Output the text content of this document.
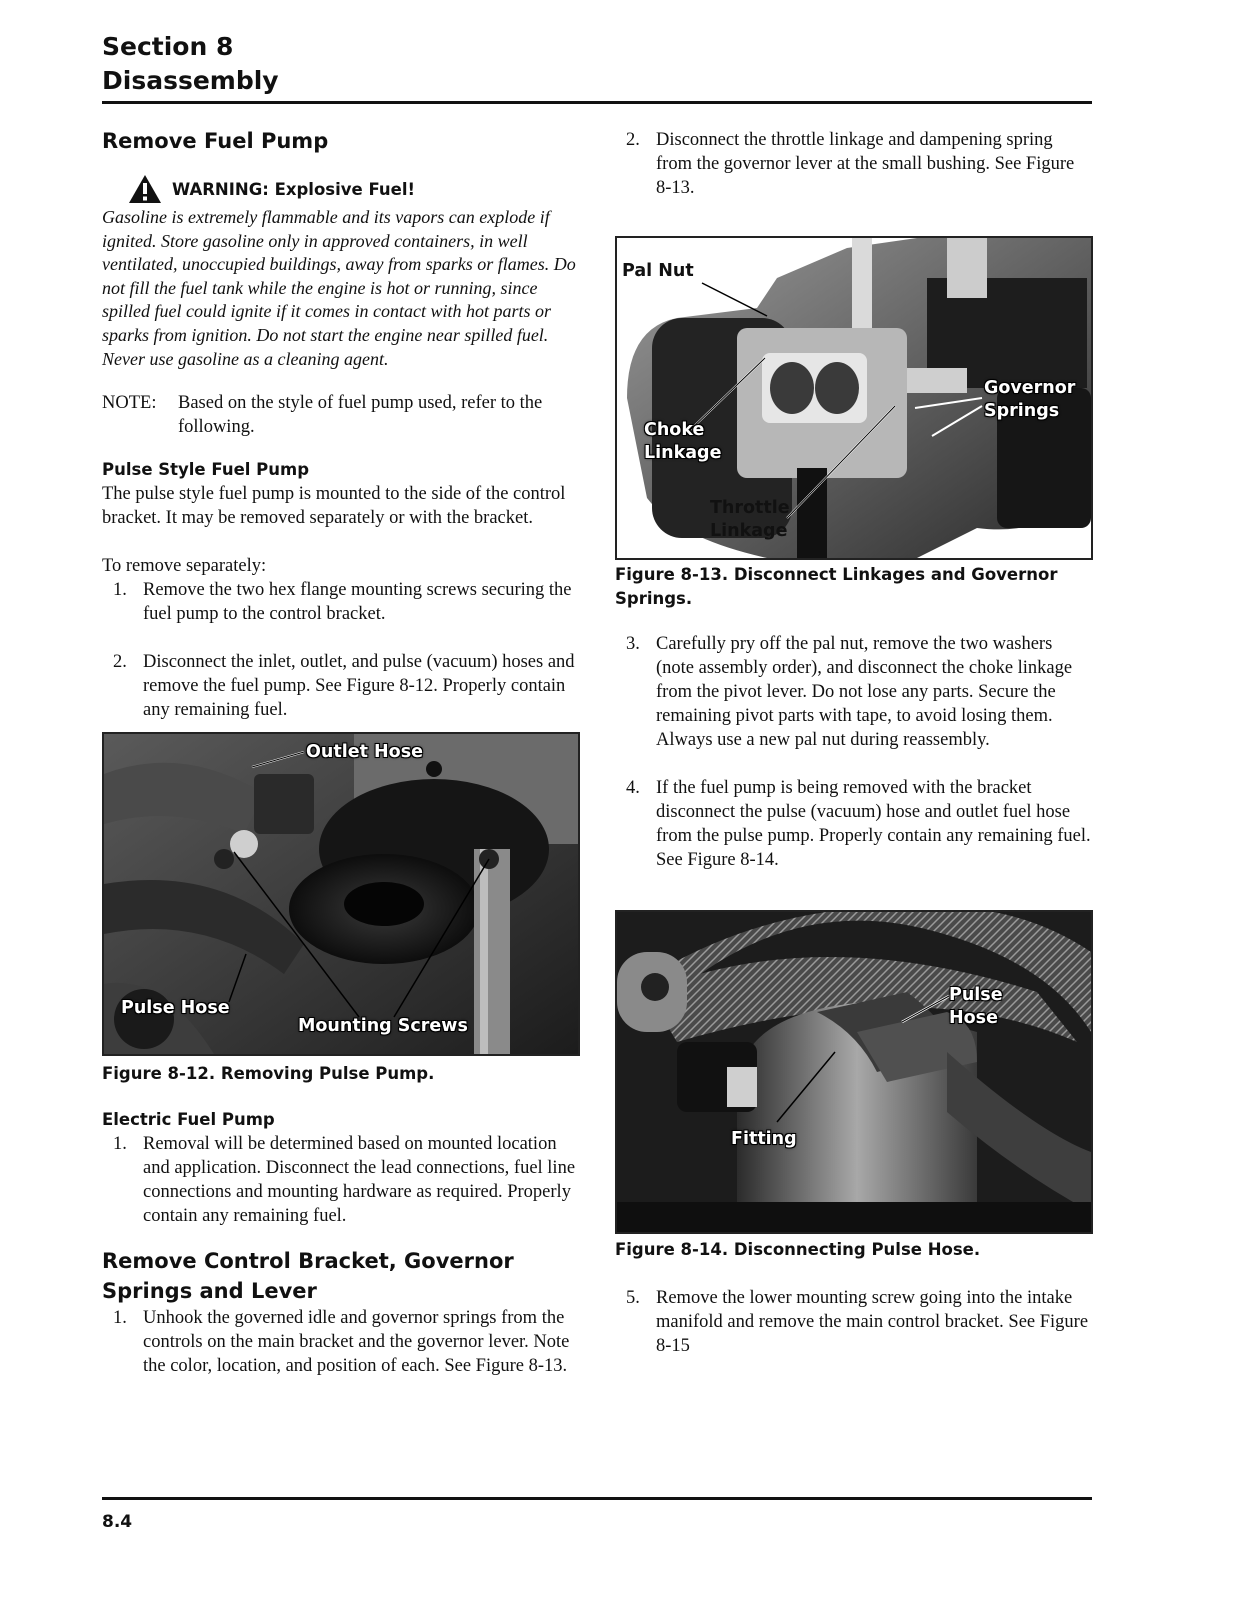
Section 8
Disassembly
Remove Fuel Pump
WARNING: Explosive Fuel!

Gasoline is extremely flammable and its vapors can explode if ignited. Store gasoline only in approved containers, in well ventilated, unoccupied buildings, away from sparks or flames. Do not fill the fuel tank while the engine is hot or running, since spilled fuel could ignite if it comes in contact with hot parts or sparks from ignition. Do not start the engine near spilled fuel. Never use gasoline as a cleaning agent.

NOTE:	Based on the style of fuel pump used, refer to the following.
Pulse Style Fuel Pump

The pulse style fuel pump is mounted to the side of the control bracket. It may be removed separately or with the bracket.

To remove separately:

1. Remove the two hex flange mounting screws securing the fuel pump to the control bracket.
2. Disconnect the inlet, outlet, and pulse (vacuum) hoses and remove the fuel pump. See Figure 8-12. Properly contain any remaining fuel.
Outlet Hose
Pulse Hose
Mounting Screws
Figure 8-12. Removing Pulse Pump.
Electric Fuel Pump
1. Removal will be determined based on mounted location and application. Disconnect the lead connections, fuel line connections and mounting hardware as required. Properly contain any remaining fuel.
Remove Control Bracket, Governor
Springs and Lever
1. Unhook the governed idle and governor springs from the controls on the main bracket and the governor lever. Note the color, location, and position of each. See Figure 8-13.
2. Disconnect the throttle linkage and dampening spring from the governor lever at the small bushing. See Figure 8-13.
Pal Nut
Governor
Springs
Choke
Linkage
Throttle
Linkage
Figure 8-13. Disconnect Linkages and Governor Springs.
3. Carefully pry off the pal nut, remove the two washers (note assembly order), and disconnect the choke linkage from the pivot lever. Do not lose any parts. Secure the remaining pivot parts with tape, to avoid losing them. Always use a new pal nut during reassembly.
4. If the fuel pump is being removed with the bracket disconnect the pulse (vacuum) hose and outlet fuel hose from the pulse pump. Properly contain any remaining fuel. See Figure 8-14.
Pulse
Hose
Fitting
Figure 8-14. Disconnecting Pulse Hose.
5. Remove the lower mounting screw going into the intake manifold and remove the main control bracket. See Figure 8-15
8.4
